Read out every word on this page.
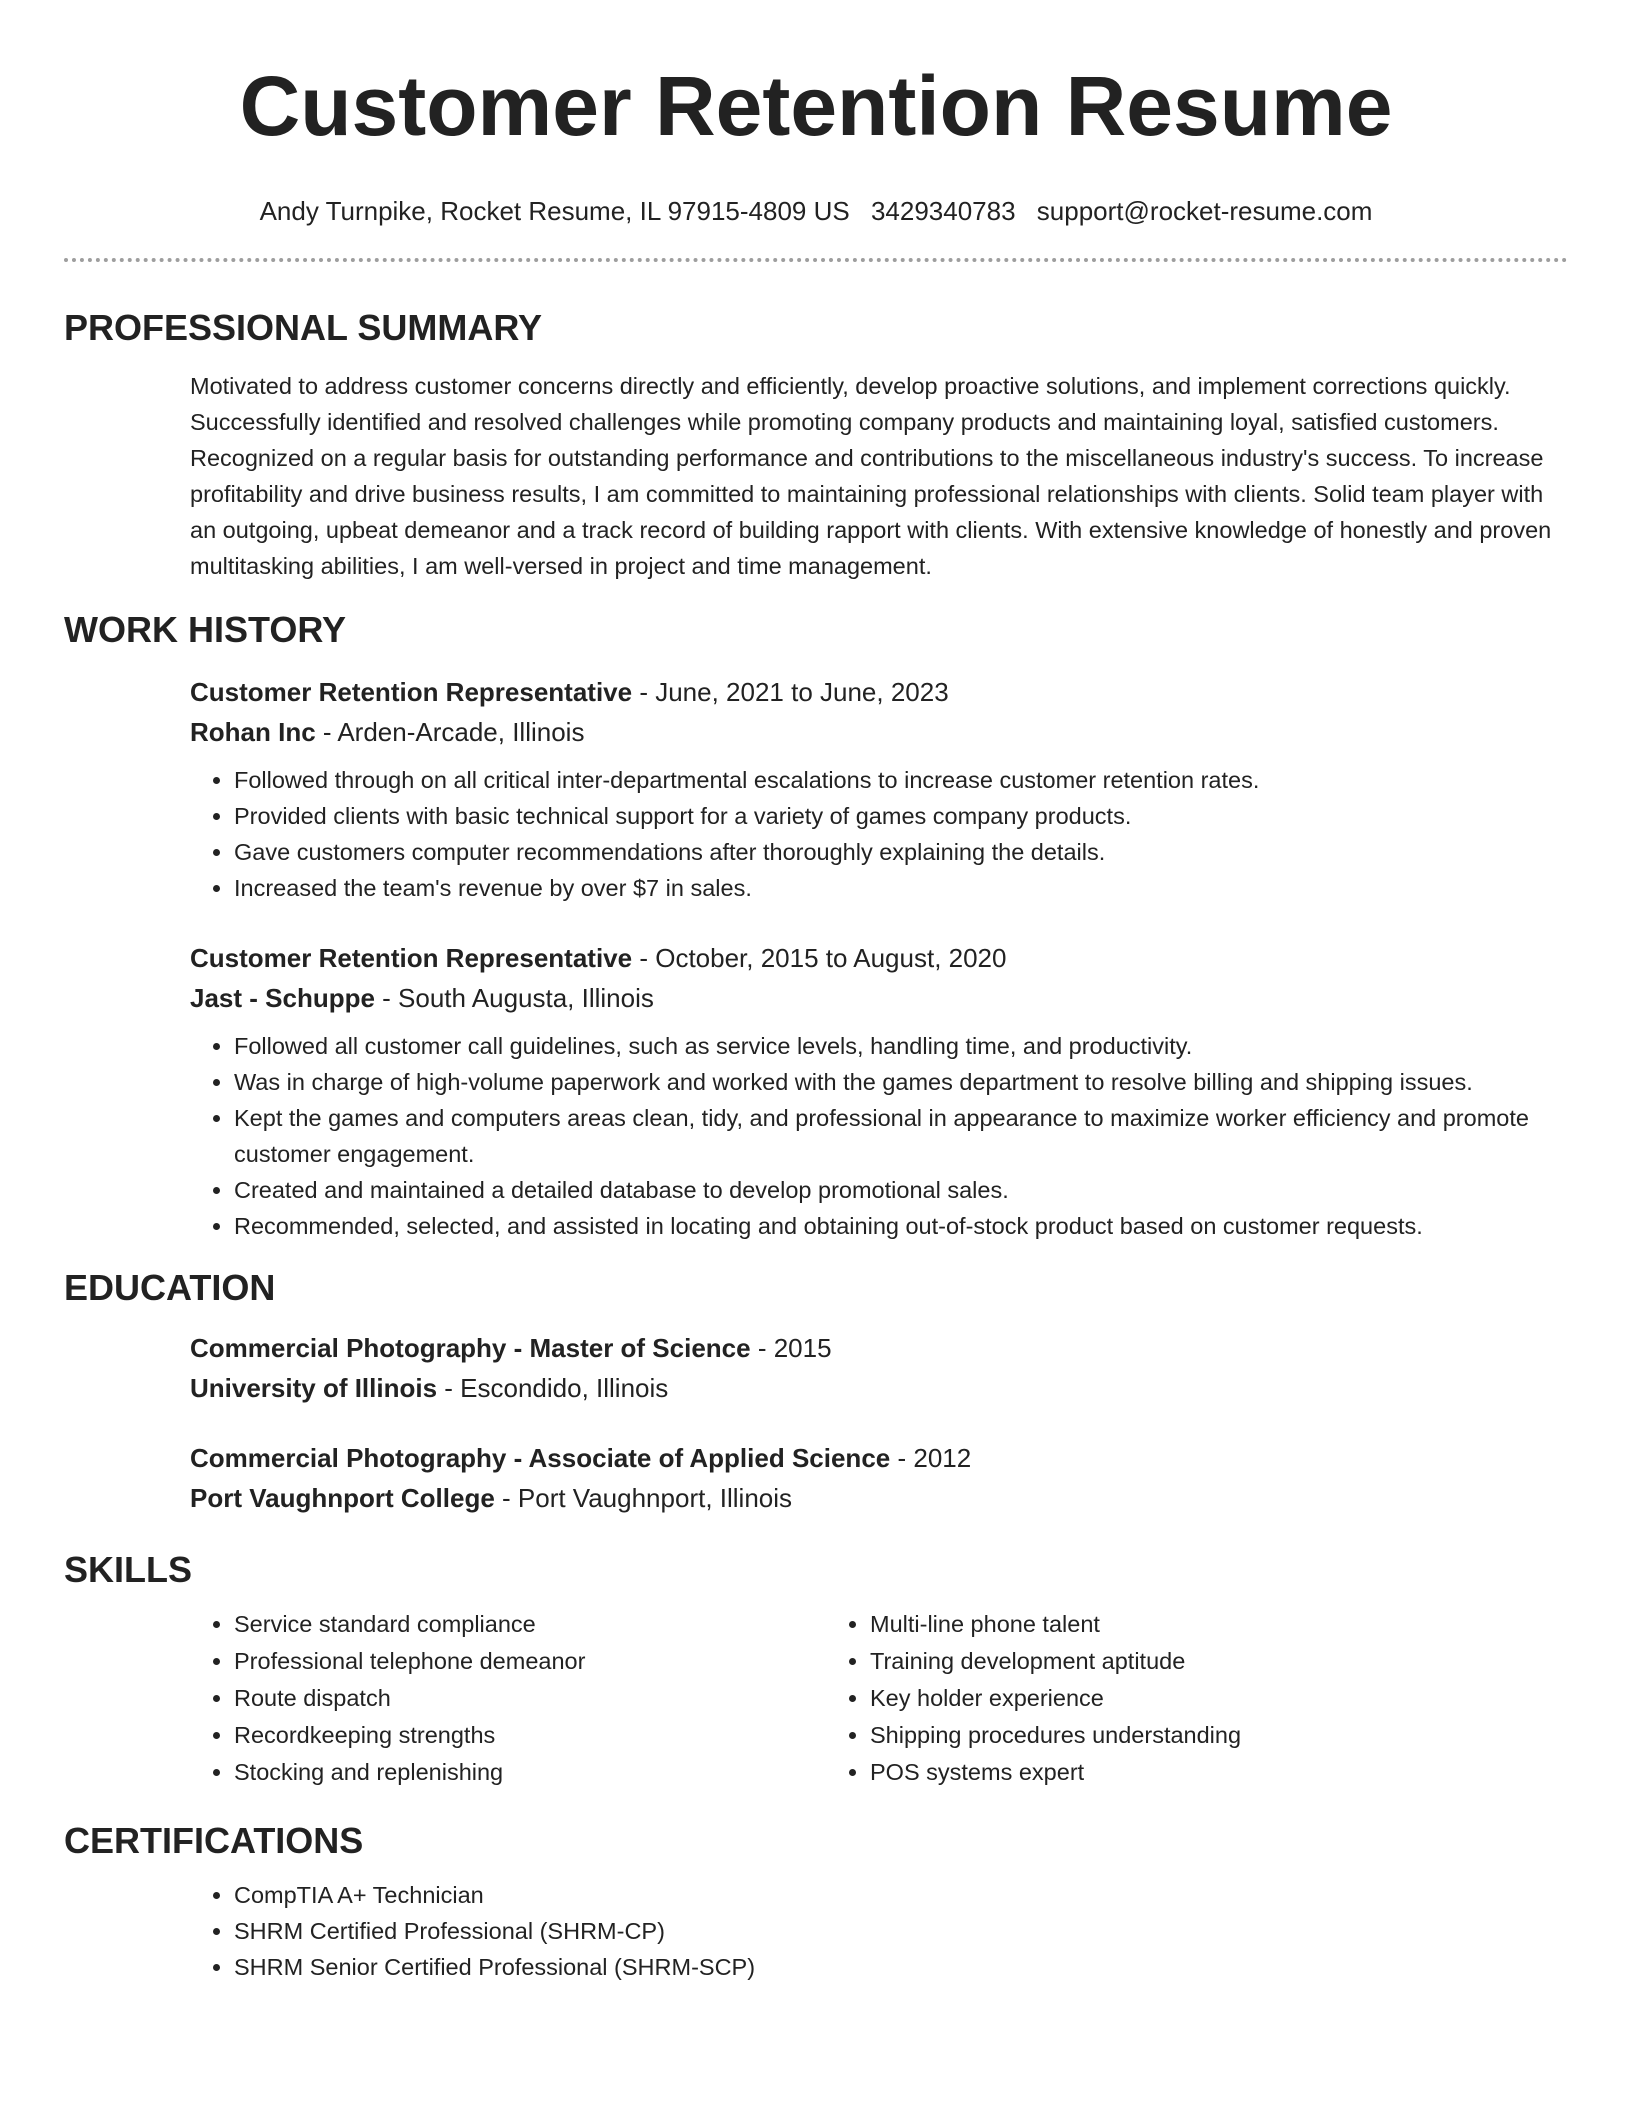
Customer Retention Resume
Andy Turnpike, Rocket Resume, IL 97915-4809 US 3429340783 support@rocket-resume.com
PROFESSIONAL SUMMARY

Motivated to address customer concerns directly and efficiently, develop proactive solutions, and implement corrections quickly. Successfully identified and resolved challenges while promoting company products and maintaining loyal, satisfied customers. Recognized on a regular basis for outstanding performance and contributions to the miscellaneous industry's success. To increase profitability and drive business results, I am committed to maintaining professional relationships with clients. Solid team player with an outgoing, upbeat demeanor and a track record of building rapport with clients. With extensive knowledge of honestly and proven multitasking abilities, I am well-versed in project and time management.

WORK HISTORY
Customer Retention Representative - June, 2021 to June, 2023
Rohan Inc - Arden-Arcade, Illinois
• Followed through on all critical inter-departmental escalations to increase customer retention rates.
• Provided clients with basic technical support for a variety of games company products.
• Gave customers computer recommendations after thoroughly explaining the details.
• Increased the team's revenue by over $7 in sales.
Customer Retention Representative - October, 2015 to August, 2020
Jast - Schuppe - South Augusta, Illinois
• Followed all customer call guidelines, such as service levels, handling time, and productivity.
• Was in charge of high-volume paperwork and worked with the games department to resolve billing and shipping issues.
• Kept the games and computers areas clean, tidy, and professional in appearance to maximize worker efficiency and promote customer engagement.
• Created and maintained a detailed database to develop promotional sales.
• Recommended, selected, and assisted in locating and obtaining out-of-stock product based on customer requests.
EDUCATION
Commercial Photography - Master of Science - 2015
University of Illinois - Escondido, Illinois
Commercial Photography - Associate of Applied Science - 2012
Port Vaughnport College - Port Vaughnport, Illinois
SKILLS
• Service standard compliance
• Professional telephone demeanor
• Route dispatch
• Recordkeeping strengths
• Stocking and replenishing
• Multi-line phone talent
• Training development aptitude
• Key holder experience
• Shipping procedures understanding
• POS systems expert
CERTIFICATIONS
• CompTIA A+ Technician
• SHRM Certified Professional (SHRM-CP)
• SHRM Senior Certified Professional (SHRM-SCP)
